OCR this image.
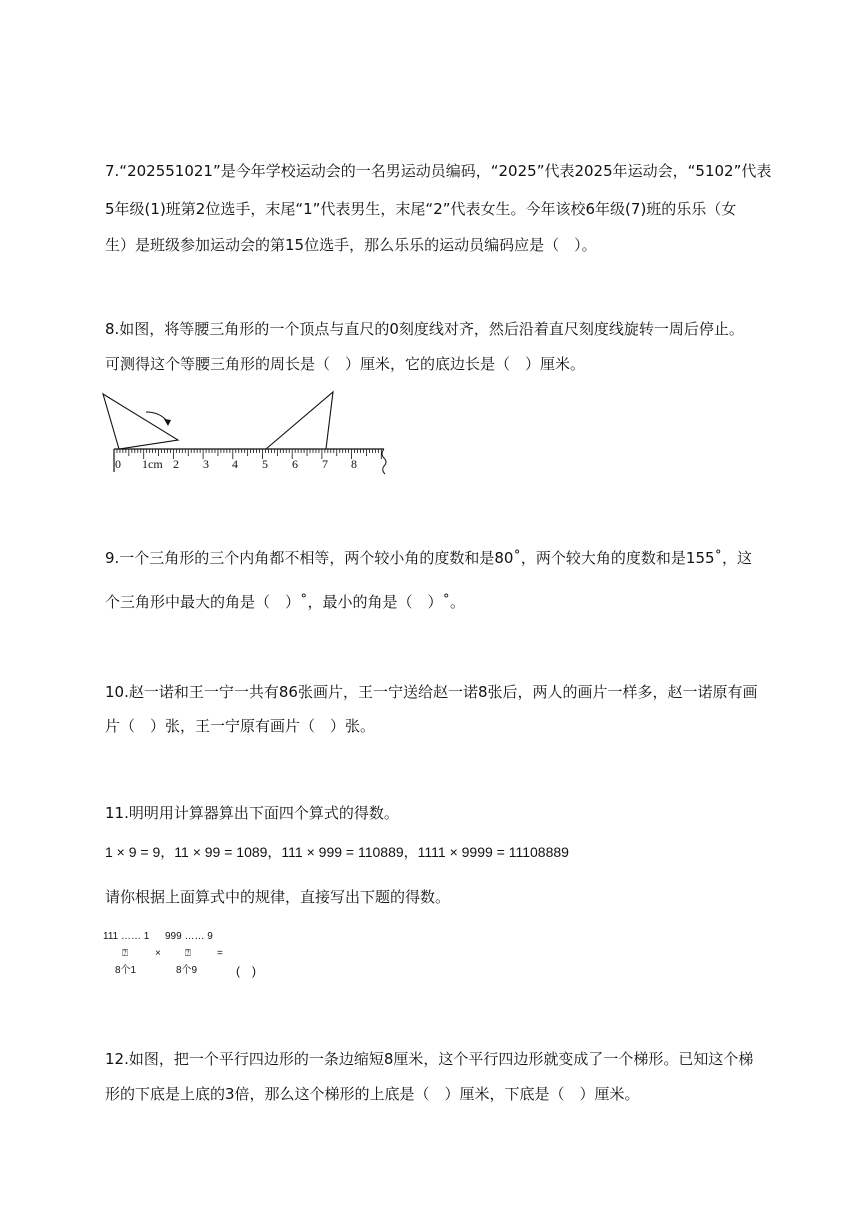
7.“202551021”是今年学校运动会的一名男运动员编码，“2025”代表2025年运动会，“5102”代表
5年级(1)班第2位选手，末尾“1”代表男生，末尾“2”代表女生。今年该校6年级(7)班的乐乐（女
生）是班级参加运动会的第15位选手，那么乐乐的运动员编码应是（　）。
8.如图，将等腰三角形的一个顶点与直尺的0刻度线对齐，然后沿着直尺刻度线旋转一周后停止。
可测得这个等腰三角形的周长是（　）厘米，它的底边长是（　）厘米。
0 1cm 2 3 4 5 6 7 8
9.一个三角形的三个内角都不相等，两个较小角的度数和是80˚，两个较大角的度数和是155˚，这
个三角形中最大的角是（　）˚，最小的角是（　）˚。
10.赵一诺和王一宁一共有86张画片，王一宁送给赵一诺8张后，两人的画片一样多，赵一诺原有画
片（　）张，王一宁原有画片（　）张。
11.明明用计算器算出下面四个算式的得数。
1 × 9 = 9，11 × 99 = 1089，111 × 999 = 110889，1111 × 9999 = 11108889
请你根据上面算式中的规律，直接写出下题的得数。
111 …… 1 999 …… 9
⍰	× ⍰	=
8个1	8个9	(　)
12.如图，把一个平行四边形的一条边缩短8厘米，这个平行四边形就变成了一个梯形。已知这个梯
形的下底是上底的3倍，那么这个梯形的上底是（　）厘米，下底是（　）厘米。
